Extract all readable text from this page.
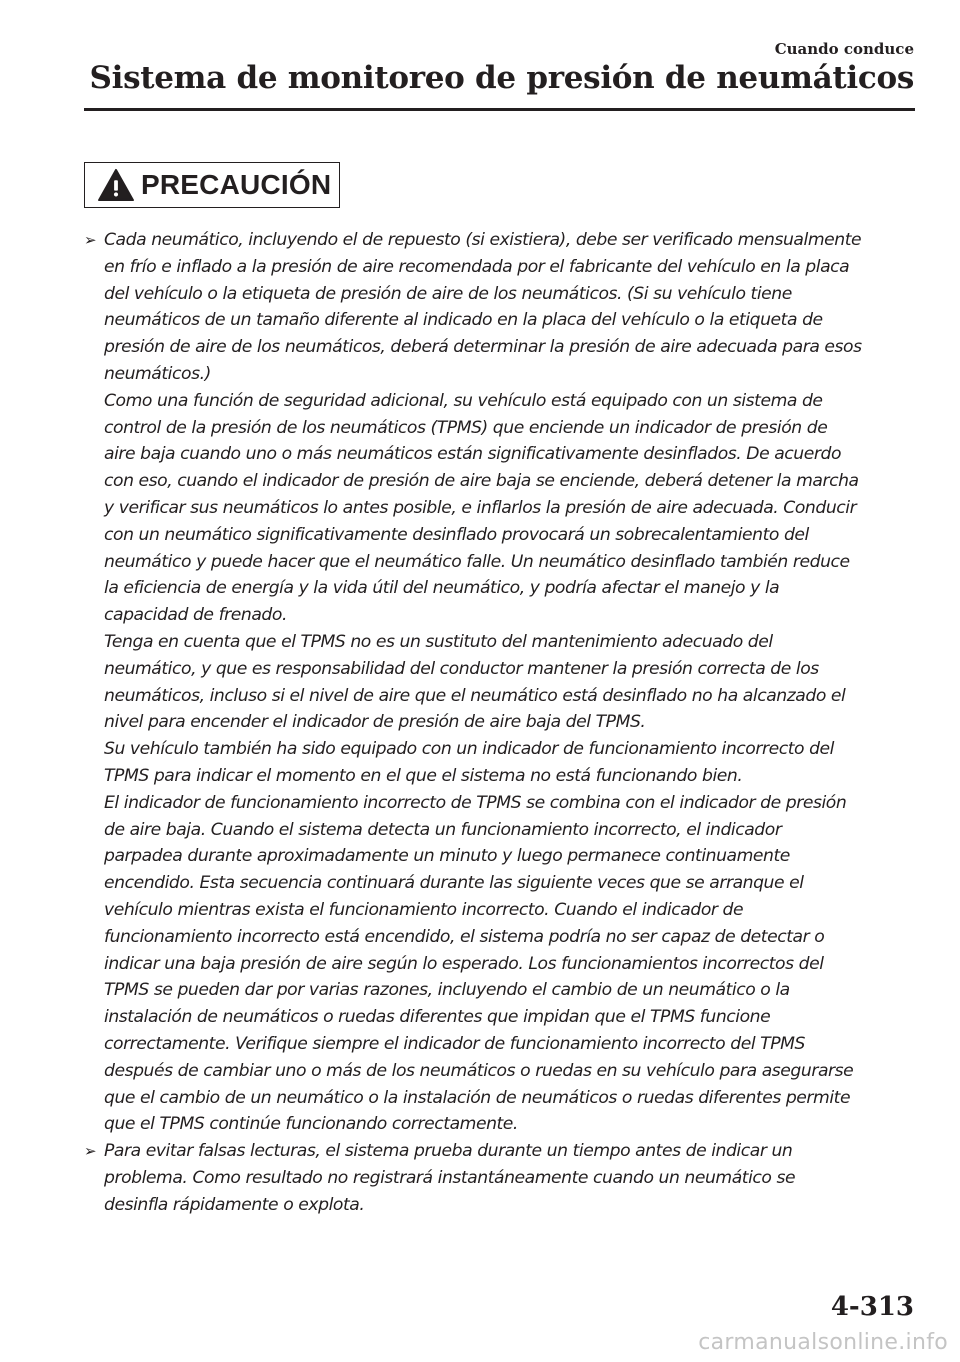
Cuando conduce
Sistema de monitoreo de presión de neumáticos
PRECAUCIÓN
➢ Cada neumático, incluyendo el de repuesto (si existiera), debe ser verificado mensualmente
en frío e inflado a la presión de aire recomendada por el fabricante del vehículo en la placa
del vehículo o la etiqueta de presión de aire de los neumáticos. (Si su vehículo tiene
neumáticos de un tamaño diferente al indicado en la placa del vehículo o la etiqueta de
presión de aire de los neumáticos, deberá determinar la presión de aire adecuada para esos
neumáticos.)
Como una función de seguridad adicional, su vehículo está equipado con un sistema de
control de la presión de los neumáticos (TPMS) que enciende un indicador de presión de
aire baja cuando uno o más neumáticos están significativamente desinflados. De acuerdo
con eso, cuando el indicador de presión de aire baja se enciende, deberá detener la marcha
y verificar sus neumáticos lo antes posible, e inflarlos la presión de aire adecuada. Conducir
con un neumático significativamente desinflado provocará un sobrecalentamiento del
neumático y puede hacer que el neumático falle. Un neumático desinflado también reduce
la eficiencia de energía y la vida útil del neumático, y podría afectar el manejo y la
capacidad de frenado.
Tenga en cuenta que el TPMS no es un sustituto del mantenimiento adecuado del
neumático, y que es responsabilidad del conductor mantener la presión correcta de los
neumáticos, incluso si el nivel de aire que el neumático está desinflado no ha alcanzado el
nivel para encender el indicador de presión de aire baja del TPMS.
Su vehículo también ha sido equipado con un indicador de funcionamiento incorrecto del
TPMS para indicar el momento en el que el sistema no está funcionando bien.
El indicador de funcionamiento incorrecto de TPMS se combina con el indicador de presión
de aire baja. Cuando el sistema detecta un funcionamiento incorrecto, el indicador
parpadea durante aproximadamente un minuto y luego permanece continuamente
encendido. Esta secuencia continuará durante las siguiente veces que se arranque el
vehículo mientras exista el funcionamiento incorrecto. Cuando el indicador de
funcionamiento incorrecto está encendido, el sistema podría no ser capaz de detectar o
indicar una baja presión de aire según lo esperado. Los funcionamientos incorrectos del
TPMS se pueden dar por varias razones, incluyendo el cambio de un neumático o la
instalación de neumáticos o ruedas diferentes que impidan que el TPMS funcione
correctamente. Verifique siempre el indicador de funcionamiento incorrecto del TPMS
después de cambiar uno o más de los neumáticos o ruedas en su vehículo para asegurarse
que el cambio de un neumático o la instalación de neumáticos o ruedas diferentes permite
que el TPMS continúe funcionando correctamente.
➢ Para evitar falsas lecturas, el sistema prueba durante un tiempo antes de indicar un
problema. Como resultado no registrará instantáneamente cuando un neumático se
desinfla rápidamente o explota.
4-313
carmanualsonline.info
